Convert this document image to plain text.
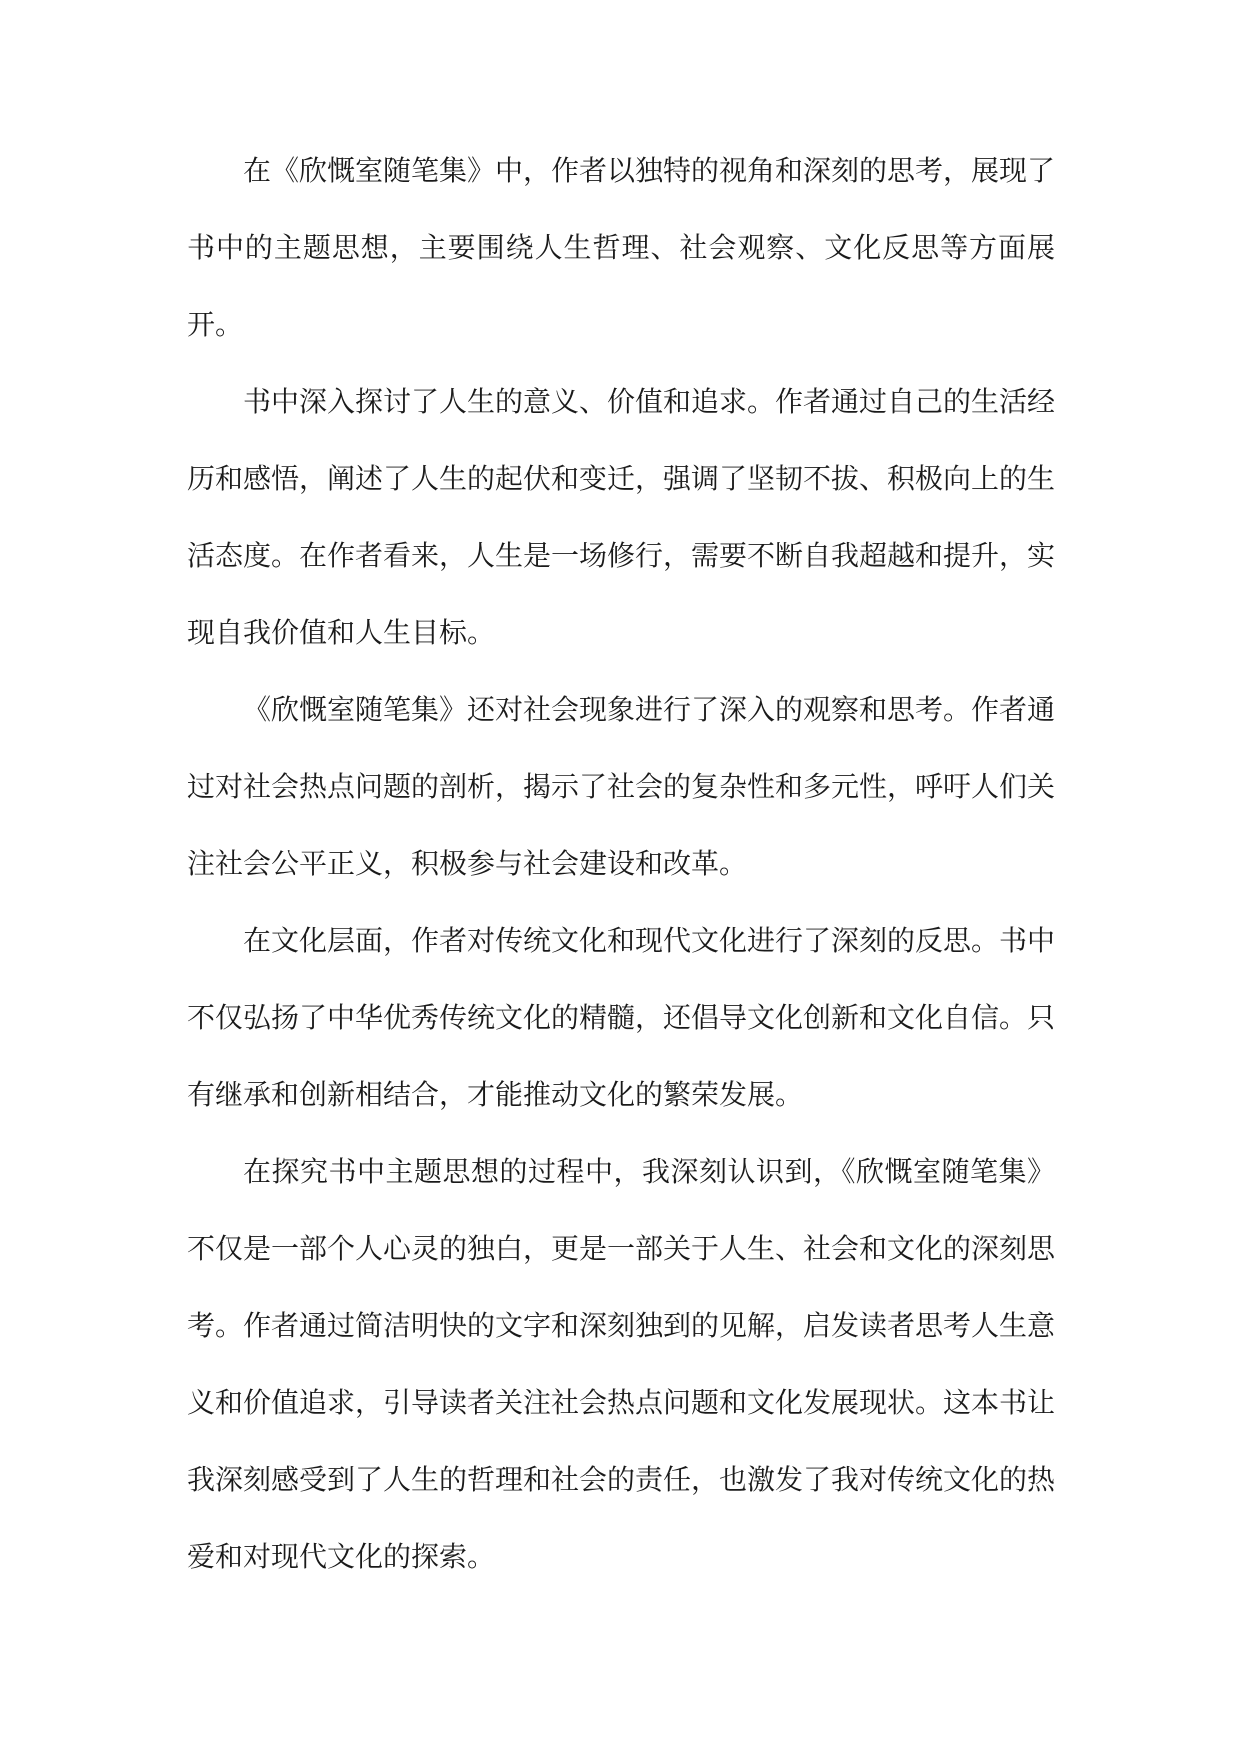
在《欣慨室随笔集》中，作者以独特的视角和深刻的思考，展现了书中的主题思想，主要围绕人生哲理、社会观察、文化反思等方面展开。

书中深入探讨了人生的意义、价值和追求。作者通过自己的生活经历和感悟，阐述了人生的起伏和变迁，强调了坚韧不拔、积极向上的生活态度。在作者看来，人生是一场修行，需要不断自我超越和提升，实现自我价值和人生目标。

《欣慨室随笔集》还对社会现象进行了深入的观察和思考。作者通过对社会热点问题的剖析，揭示了社会的复杂性和多元性，呼吁人们关注社会公平正义，积极参与社会建设和改革。

在文化层面，作者对传统文化和现代文化进行了深刻的反思。书中不仅弘扬了中华优秀传统文化的精髓，还倡导文化创新和文化自信。只有继承和创新相结合，才能推动文化的繁荣发展。

在探究书中主题思想的过程中，我深刻认识到，《欣慨室随笔集》不仅是一部个人心灵的独白，更是一部关于人生、社会和文化的深刻思考。作者通过简洁明快的文字和深刻独到的见解，启发读者思考人生意义和价值追求，引导读者关注社会热点问题和文化发展现状。这本书让我深刻感受到了人生的哲理和社会的责任，也激发了我对传统文化的热爱和对现代文化的探索。
